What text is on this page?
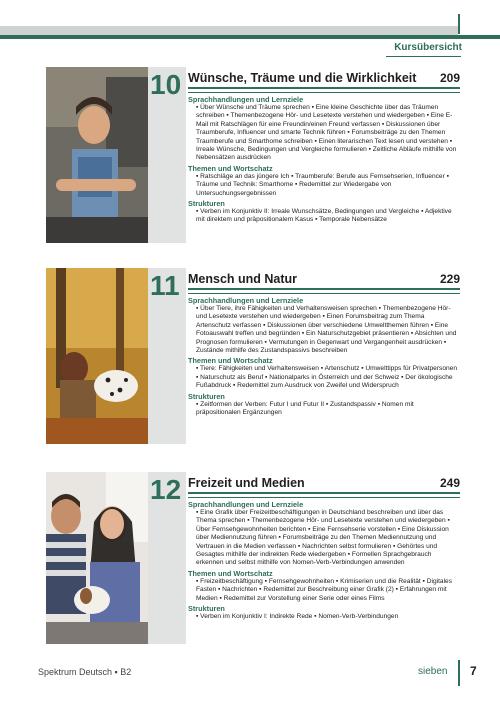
Kursübersicht
10 Wünsche, Träume und die Wirklichkeit 209
Sprachhandlungen und Lernziele
▪ Über Wünsche und Träume sprechen ▪ Eine kleine Geschichte über das Träumen schreiben ▪ Themenbezogene Hör- und Lesetexte verstehen und wiedergeben ▪ Eine E-Mail mit Ratschlägen für eine Freundin/einen Freund verfassen ▪ Diskussionen über Traumberufe, Influencer und smarte Technik führen ▪ Forumsbeiträge zu den Themen Traumberufe und Smarthome schreiben ▪ Einen literarischen Text lesen und verstehen ▪ Irreale Wünsche, Bedingungen und Vergleiche formulieren ▪ Zeitliche Abläufe mithilfe von Nebensätzen ausdrücken
Themen und Wortschatz
▪ Ratschläge an das jüngere Ich ▪ Traumberufe: Berufe aus Fernsehserien, Influencer ▪ Träume und Technik: Smarthome ▪ Redemittel zur Wiedergabe von Untersuchungsergebnissen
Strukturen
▪ Verben im Konjunktiv II: Irreale Wunschsätze, Bedingungen und Vergleiche ▪ Adjektive mit direktem und präpositionalem Kasus ▪ Temporale Nebensätze
11 Mensch und Natur	229
Sprachhandlungen und Lernziele
▪ Über Tiere, ihre Fähigkeiten und Verhaltensweisen sprechen ▪ Themenbezogene Hör- und Lesetexte verstehen und wiedergeben ▪ Einen Forumsbeitrag zum Thema Artenschutz verfassen ▪ Diskussionen über verschiedene Umweltthemen führen ▪ Eine Fotoauswahl treffen und begründen ▪ Ein Naturschutzgebiet präsentieren ▪ Absichten und Prognosen formulieren ▪ Vermutungen in Gegenwart und Vergangenheit ausdrücken ▪ Zustände mithilfe des Zustandspassivs beschreiben
Themen und Wortschatz
▪ Tiere: Fähigkeiten und Verhaltensweisen ▪ Artenschutz ▪ Umwelttipps für Privatpersonen ▪ Naturschutz als Beruf ▪ Nationalparks in Österreich und der Schweiz ▪ Der ökologische Fußabdruck ▪ Redemittel zum Ausdruck von Zweifel und Widerspruch
Strukturen
▪ Zeitformen der Verben: Futur I und Futur II ▪ Zustandspassiv ▪ Nomen mit präpositionalen Ergänzungen
12 Freizeit und Medien	249
Sprachhandlungen und Lernziele
▪ Eine Grafik über Freizeitbeschäftigungen in Deutschland beschreiben und über das Thema sprechen ▪ Themenbezogene Hör- und Lesetexte verstehen und wiedergeben ▪ Über Fernsehgewohnheiten berichten ▪ Eine Fernsehserie vorstellen ▪ Eine Diskussion über Mediennutzung führen ▪ Forumsbeiträge zu den Themen Mediennutzung und Vertrauen in die Medien verfassen ▪ Nachrichten selbst formulieren ▪ Gehörtes und Gesagtes mithilfe der indirekten Rede wiedergeben ▪ Formellen Sprachgebrauch erkennen und selbst mithilfe von Nomen-Verb-Verbindungen anwenden
Themen und Wortschatz
▪ Freizeitbeschäftigung ▪ Fernsehgewohnheiten ▪ Krimiserien und die Realität ▪ Digitales Fasten ▪ Nachrichten ▪ Redemittel zur Beschreibung einer Grafik (2) ▪ Erfahrungen mit Medien ▪ Redemittel zur Vorstellung einer Serie oder eines Films
Strukturen
▪ Verben im Konjunktiv I: Indirekte Rede ▪ Nomen-Verb-Verbindungen
Spektrum Deutsch ▪ B2	sieben 7
